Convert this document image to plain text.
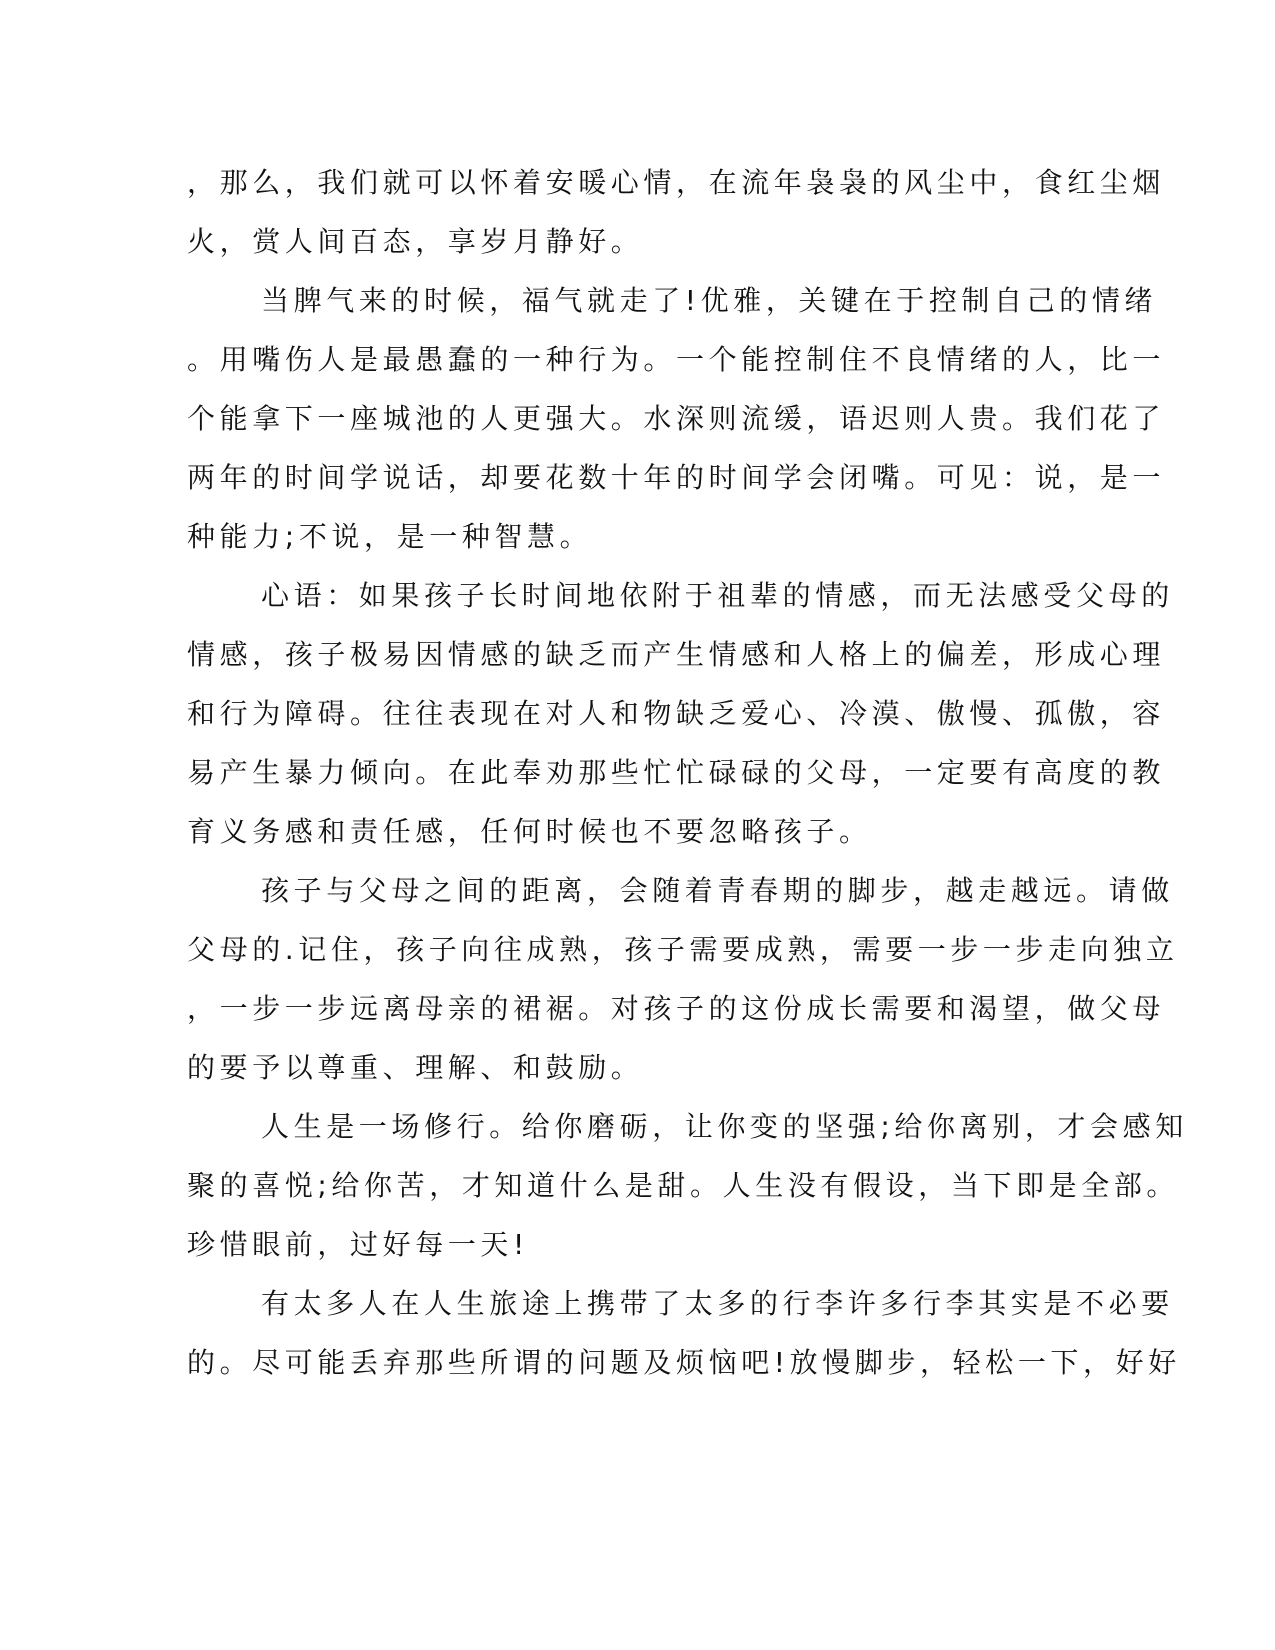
，那么，我们就可以怀着安暖心情，在流年袅袅的风尘中，食红尘烟
火，赏人间百态，享岁月静好。
当脾气来的时候，福气就走了!优雅，关键在于控制自己的情绪
。用嘴伤人是最愚蠢的一种行为。一个能控制住不良情绪的人，比一
个能拿下一座城池的人更强大。水深则流缓，语迟则人贵。我们花了
两年的时间学说话，却要花数十年的时间学会闭嘴。可见：说，是一
种能力;不说，是一种智慧。
心语：如果孩子长时间地依附于祖辈的情感，而无法感受父母的
情感，孩子极易因情感的缺乏而产生情感和人格上的偏差，形成心理
和行为障碍。往往表现在对人和物缺乏爱心、冷漠、傲慢、孤傲，容
易产生暴力倾向。在此奉劝那些忙忙碌碌的父母，一定要有高度的教
育义务感和责任感，任何时候也不要忽略孩子。
孩子与父母之间的距离，会随着青春期的脚步，越走越远。请做
父母的.记住，孩子向往成熟，孩子需要成熟，需要一步一步走向独立
，一步一步远离母亲的裙裾。对孩子的这份成长需要和渴望，做父母
的要予以尊重、理解、和鼓励。
人生是一场修行。给你磨砺，让你变的坚强;给你离别，才会感知
聚的喜悦;给你苦，才知道什么是甜。人生没有假设，当下即是全部。
珍惜眼前，过好每一天!
有太多人在人生旅途上携带了太多的行李许多行李其实是不必要
的。尽可能丢弃那些所谓的问题及烦恼吧!放慢脚步，轻松一下，好好
